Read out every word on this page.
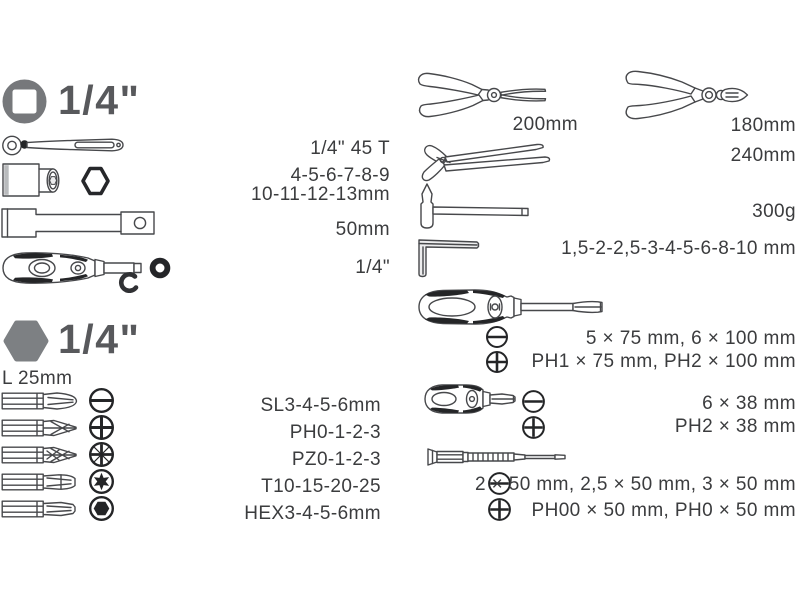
1/4"
1/4" 45 T
4-5-6-7-8-9
10-11-12-13mm
50mm
1/4"
1/4"
L 25mm
SL3-4-5-6mm
PH0-1-2-3
PZ0-1-2-3
T10-15-20-25
HEX3-4-5-6mm
200mm	180mm
240mm
300g
1,5-2-2,5-3-4-5-6-8-10 mm
5 × 75 mm, 6 × 100 mm
PH1 × 75 mm, PH2 × 100 mm
6 × 38 mm
PH2 × 38 mm
2 × 50 mm, 2,5 × 50 mm, 3 × 50 mm
PH00 × 50 mm, PH0 × 50 mm
